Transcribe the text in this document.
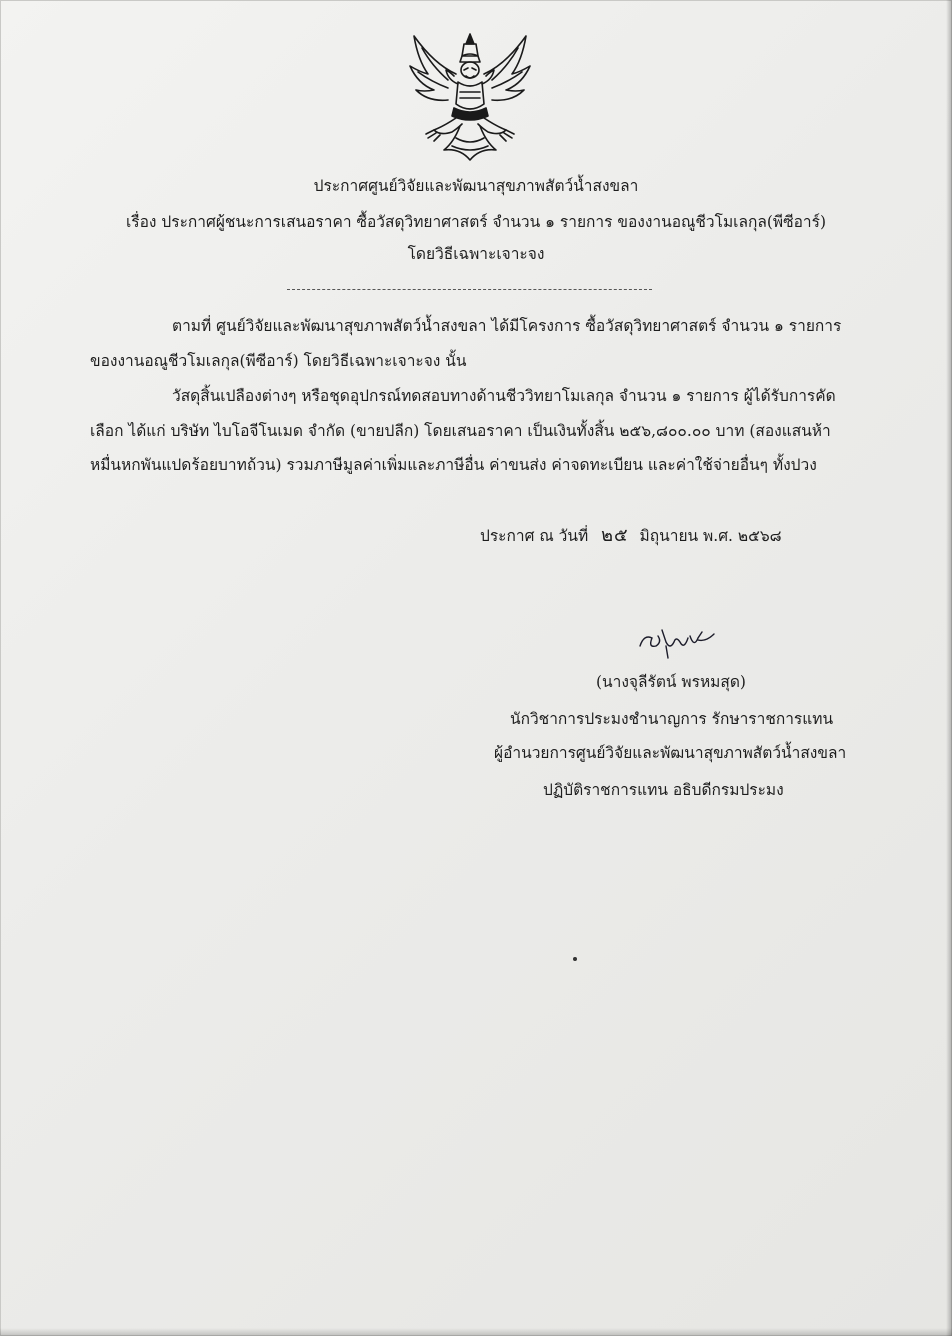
ประกาศศูนย์วิจัยและพัฒนาสุขภาพสัตว์น้ำสงขลา
เรื่อง ประกาศผู้ชนะการเสนอราคา ซื้อวัสดุวิทยาศาสตร์ จำนวน ๑ รายการ ของงานอณูชีวโมเลกุล(พีซีอาร์)
โดยวิธีเฉพาะเจาะจง
ตามที่ ศูนย์วิจัยและพัฒนาสุขภาพสัตว์น้ำสงขลา ได้มีโครงการ ซื้อวัสดุวิทยาศาสตร์ จำนวน ๑ รายการ
ของงานอณูชีวโมเลกุล(พีซีอาร์) โดยวิธีเฉพาะเจาะจง นั้น
วัสดุสิ้นเปลืองต่างๆ หรือชุดอุปกรณ์ทดสอบทางด้านชีววิทยาโมเลกุล จำนวน ๑ รายการ ผู้ได้รับการคัด
เลือก ได้แก่ บริษัท ไบโอจีโนเมด จำกัด (ขายปลีก) โดยเสนอราคา เป็นเงินทั้งสิ้น ๒๕๖,๘๐๐.๐๐ บาท (สองแสนห้า
หมื่นหกพันแปดร้อยบาทถ้วน) รวมภาษีมูลค่าเพิ่มและภาษีอื่น ค่าขนส่ง ค่าจดทะเบียน และค่าใช้จ่ายอื่นๆ ทั้งปวง
ประกาศ ณ วันที่ ๒๕ มิถุนายน พ.ศ. ๒๕๖๘
(นางจุลีรัตน์ พรหมสุด)
นักวิชาการประมงชำนาญการ รักษาราชการแทน
ผู้อำนวยการศูนย์วิจัยและพัฒนาสุขภาพสัตว์น้ำสงขลา
ปฏิบัติราชการแทน อธิบดีกรมประมง
